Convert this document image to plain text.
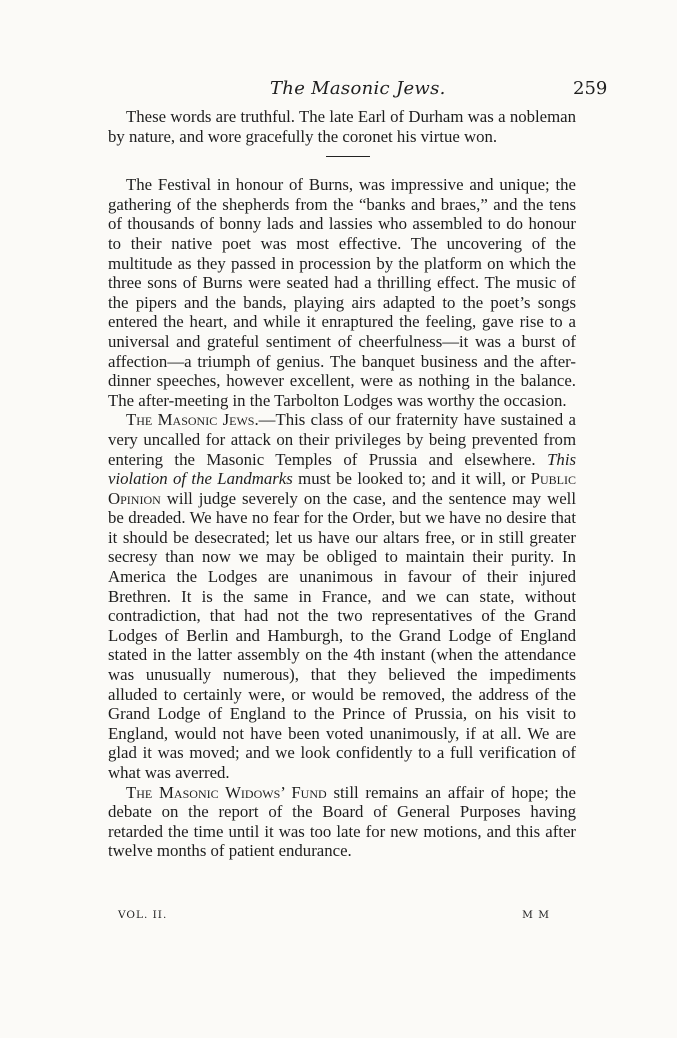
The Masonic Jews.	259

These words are truthful. The late Earl of Durham was a nobleman by nature, and wore gracefully the coronet his virtue won.

The Festival in honour of Burns, was impressive and unique; the gathering of the shepherds from the “banks and braes,” and the tens of thousands of bonny lads and lassies who assembled to do honour to their native poet was most effective. The uncovering of the multitude as they passed in procession by the platform on which the three sons of Burns were seated had a thrilling effect. The music of the pipers and the bands, playing airs adapted to the poet’s songs entered the heart, and while it enraptured the feeling, gave rise to a universal and grateful sentiment of cheerfulness—it was a burst of affection—a triumph of genius. The banquet business and the after-dinner speeches, however excellent, were as nothing in the balance. The after-meeting in the Tarbolton Lodges was worthy the occasion.

The Masonic Jews.—This class of our fraternity have sustained a very uncalled for attack on their privileges by being prevented from entering the Masonic Temples of Prussia and elsewhere. This violation of the Landmarks must be looked to; and it will, or Public Opinion will judge severely on the case, and the sentence may well be dreaded. We have no fear for the Order, but we have no desire that it should be desecrated; let us have our altars free, or in still greater secresy than now we may be obliged to maintain their purity. In America the Lodges are unanimous in favour of their injured Brethren. It is the same in France, and we can state, without contradiction, that had not the two representatives of the Grand Lodges of Berlin and Hamburgh, to the Grand Lodge of England stated in the latter assembly on the 4th instant (when the attendance was unusually numerous), that they believed the impediments alluded to certainly were, or would be removed, the address of the Grand Lodge of England to the Prince of Prussia, on his visit to England, would not have been voted unanimously, if at all. We are glad it was moved; and we look confidently to a full verification of what was averred.

The Masonic Widows’ Fund still remains an affair of hope; the debate on the report of the Board of General Purposes having retarded the time until it was too late for new motions, and this after twelve months of patient endurance.

VOL. II.	M M
